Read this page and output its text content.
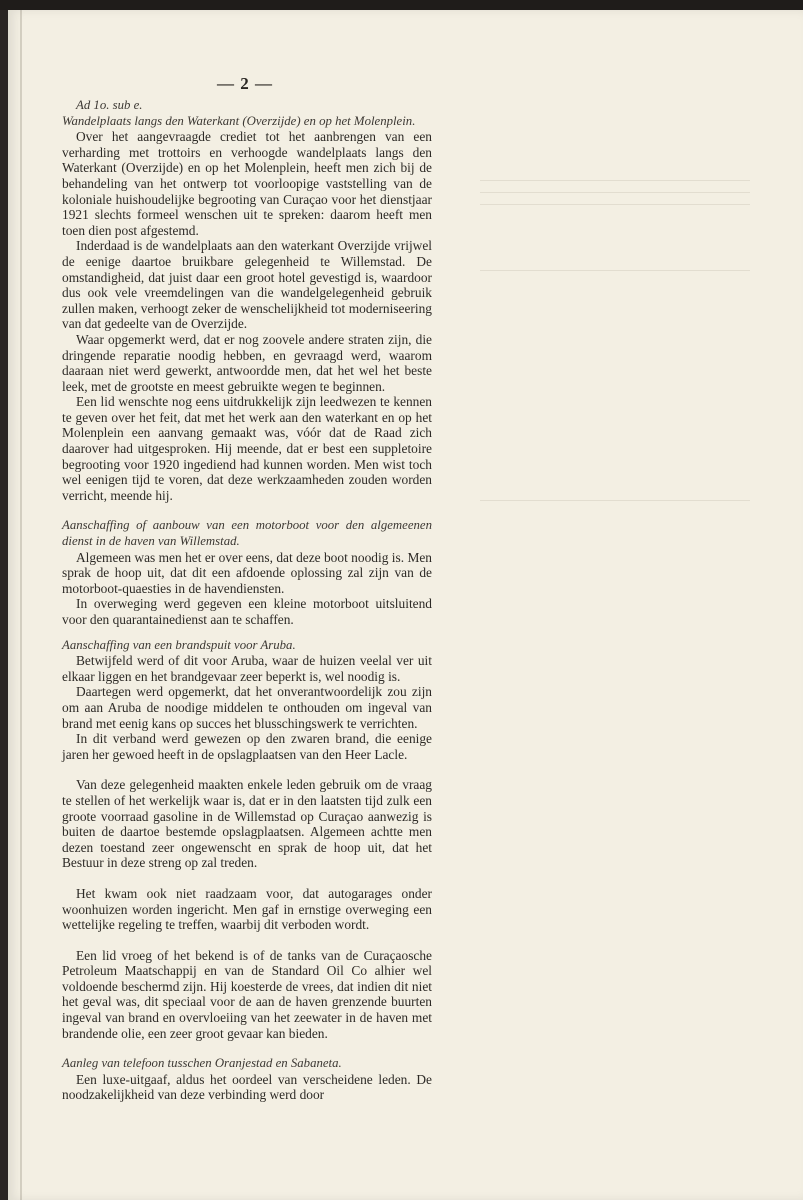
— 2 —

Ad 1o. sub e.

Wandelplaats langs den Waterkant (Overzijde) en op het Molenplein.

Over het aangevraagde crediet tot het aanbrengen van een verharding met trottoirs en verhoogde wandelplaats langs den Waterkant (Overzijde) en op het Molenplein, heeft men zich bij de behandeling van het ontwerp tot voorloopige vaststelling van de koloniale huishoudelijke begrooting van Curaçao voor het dienstjaar 1921 slechts formeel wenschen uit te spreken: daarom heeft men toen dien post afgestemd.

Inderdaad is de wandelplaats aan den waterkant Overzijde vrijwel de eenige daartoe bruikbare gelegenheid te Willemstad. De omstandigheid, dat juist daar een groot hotel gevestigd is, waardoor dus ook vele vreemdelingen van die wandelgelegenheid gebruik zullen maken, verhoogt zeker de wenschelijkheid tot moderniseering van dat gedeelte van de Overzijde.

Waar opgemerkt werd, dat er nog zoovele andere straten zijn, die dringende reparatie noodig hebben, en gevraagd werd, waarom daaraan niet werd gewerkt, antwoordde men, dat het wel het beste leek, met de grootste en meest gebruikte wegen te beginnen.

Een lid wenschte nog eens uitdrukkelijk zijn leedwezen te kennen te geven over het feit, dat met het werk aan den waterkant en op het Molenplein een aanvang gemaakt was, vóór dat de Raad zich daarover had uitgesproken. Hij meende, dat er best een suppletoire begrooting voor 1920 ingediend had kunnen worden. Men wist toch wel eenigen tijd te voren, dat deze werkzaamheden zouden worden verricht, meende hij.

Aanschaffing of aanbouw van een motorboot voor den algemeenen dienst in de haven van Willemstad.

Algemeen was men het er over eens, dat deze boot noodig is. Men sprak de hoop uit, dat dit een afdoende oplossing zal zijn van de motorboot-quaesties in de havendiensten.

In overweging werd gegeven een kleine motorboot uitsluitend voor den quarantainedienst aan te schaffen.

Aanschaffing van een brandspuit voor Aruba.

Betwijfeld werd of dit voor Aruba, waar de huizen veelal ver uit elkaar liggen en het brandgevaar zeer beperkt is, wel noodig is.

Daartegen werd opgemerkt, dat het onverantwoordelijk zou zijn om aan Aruba de noodige middelen te onthouden om ingeval van brand met eenig kans op succes het blusschingswerk te verrichten.

In dit verband werd gewezen op den zwaren brand, die eenige jaren her gewoed heeft in de opslagplaatsen van den Heer Lacle.

Van deze gelegenheid maakten enkele leden gebruik om de vraag te stellen of het werkelijk waar is, dat er in den laatsten tijd zulk een groote voorraad gasoline in de Willemstad op Curaçao aanwezig is buiten de daartoe bestemde opslagplaatsen. Algemeen achtte men dezen toestand zeer ongewenscht en sprak de hoop uit, dat het Bestuur in deze streng op zal treden.

Het kwam ook niet raadzaam voor, dat autogarages onder woonhuizen worden ingericht. Men gaf in ernstige overweging een wettelijke regeling te treffen, waarbij dit verboden wordt.

Een lid vroeg of het bekend is of de tanks van de Curaçaosche Petroleum Maatschappij en van de Standard Oil Co alhier wel voldoende beschermd zijn. Hij koesterde de vrees, dat indien dit niet het geval was, dit speciaal voor de aan de haven grenzende buurten ingeval van brand en overvloeiing van het zeewater in de haven met brandende olie, een zeer groot gevaar kan bieden.

Aanleg van telefoon tusschen Oranjestad en Sabaneta.

Een luxe-uitgaaf, aldus het oordeel van verscheidene leden. De noodzakelijkheid van deze verbinding werd door
